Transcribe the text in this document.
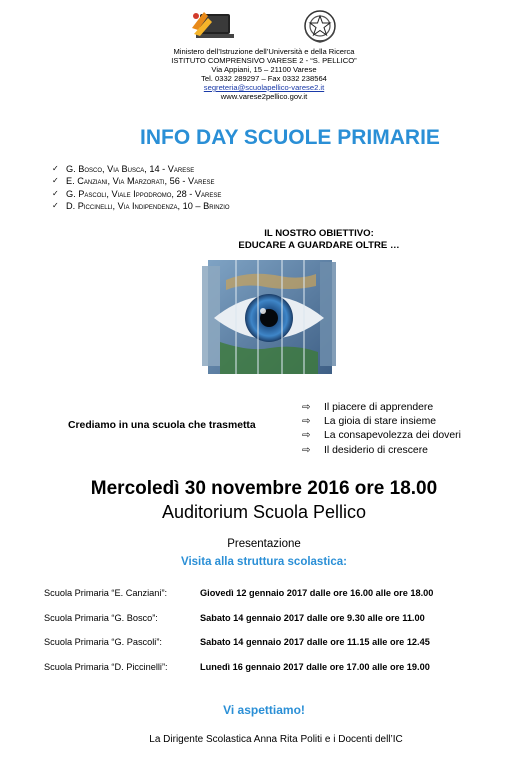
Ministero dell’Istruzione dell’Università e della Ricerca
ISTITUTO COMPRENSIVO VARESE 2 - “S. PELLICO”
Via Appiani, 15 – 21100 Varese
Tel. 0332 289297 – Fax 0332 238564
segreteria@scuolapellico-varese2.it
www.varese2pellico.gov.it
INFO DAY SCUOLE PRIMARIE
✓ G. Bosco, Via Busca, 14 - Varese
✓ E. Canziani, Via Marzorati, 56 - Varese
✓ G. Pascoli, Viale Ippodromo, 28 - Varese
✓ D. Piccinelli, Via Indipendenza, 10 – Brinzio
IL NOSTRO OBIETTIVO:
EDUCARE A GUARDARE OLTRE …
Crediamo in una scuola che trasmetta
⇨	Il piacere di apprendere
⇨	La gioia di stare insieme
⇨	La consapevolezza dei doveri
⇨	Il desiderio di crescere
Mercoledì 30 novembre 2016 ore 18.00
Auditorium Scuola Pellico
Presentazione
Visita alla struttura scolastica:
Scuola Primaria “E. Canziani”:	Giovedì 12 gennaio 2017 dalle ore 16.00 alle ore 18.00
Scuola Primaria “G. Bosco”:	Sabato 14 gennaio 2017 dalle ore 9.30 alle ore 11.00
Scuola Primaria “G. Pascoli”:	Sabato 14 gennaio 2017 dalle ore 11.15 alle ore 12.45
Scuola Primaria “D. Piccinelli”:	Lunedì 16 gennaio 2017 dalle ore 17.00 alle ore 19.00
Vi aspettiamo!
La Dirigente Scolastica Anna Rita Politi e i Docenti dell’IC
